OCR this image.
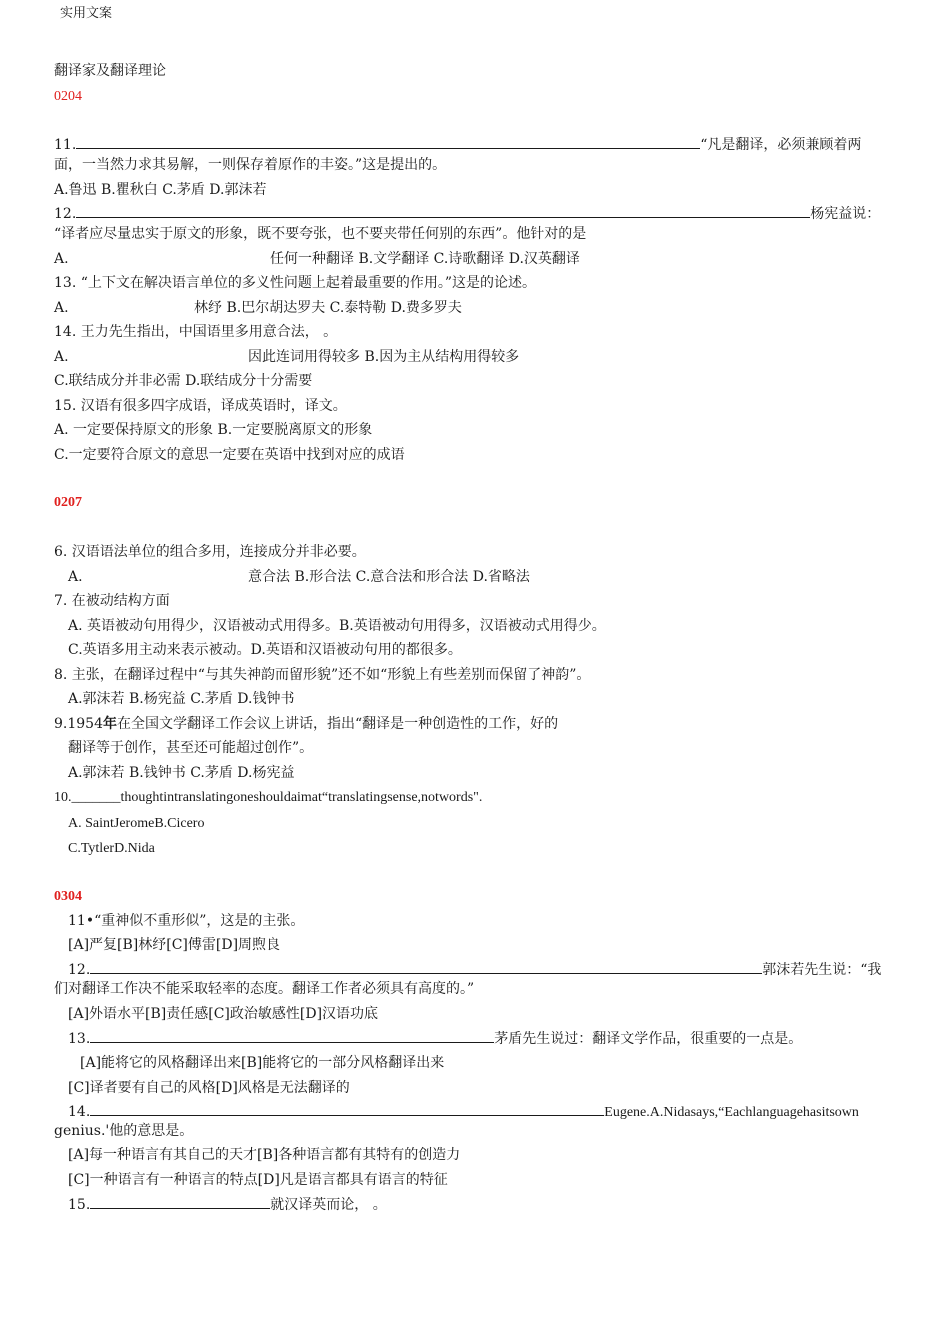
实用文案
翻译家及翻译理论
0204
11.	“凡是翻译，必须兼顾着两
面，一当然力求其易解，一则保存着原作的丰姿。”这是提出的。
A.鲁迅 B.瞿秋白 C.茅盾 D.郭沫若
12.	杨宪益说：
“译者应尽量忠实于原文的形象，既不要夸张，也不要夹带任何别的东西”。他针对的是
A.	任何一种翻译 B.文学翻译 C.诗歌翻译 D.汉英翻译
13. “上下文在解决语言单位的多义性问题上起着最重要的作用。”这是的论述。
A.	林纾 B.巴尔胡达罗夫 C.泰特勒 D.费多罗夫
14. 王力先生指出，中国语里多用意合法， 。
A.	因此连词用得较多 B.因为主从结构用得较多
C.联结成分并非必需 D.联结成分十分需要
15. 汉语有很多四字成语，译成英语时，译文。
A. 一定要保持原文的形象 B.一定要脱离原文的形象
C.一定要符合原文的意思一定要在英语中找到对应的成语
0207
6. 汉语语法单位的组合多用，连接成分并非必要。
A.	意合法 B.形合法 C.意合法和形合法 D.省略法
7. 在被动结构方面
A. 英语被动句用得少，汉语被动式用得多。B.英语被动句用得多，汉语被动式用得少。
C.英语多用主动来表示被动。D.英语和汉语被动句用的都很多。
8. 主张，在翻译过程中“与其失神韵而留形貌”还不如“形貌上有些差别而保留了神韵”。
A.郭沫若 B.杨宪益 C.茅盾 D.钱钟书
9.1954年在全国文学翻译工作会议上讲话，指出“翻译是一种创造性的工作，好的
翻译等于创作，甚至还可能超过创作”。
A.郭沫若 B.钱钟书 C.茅盾 D.杨宪益
10._______thoughtintranslatingoneshouldaimat“translatingsense,notwords".
A. SaintJeromeB.Cicero
C.TytlerD.Nida
0304
11•“重神似不重形似”，这是的主张。
[A]严复[B]林纾[C]傅雷[D]周煦良
12.	郭沫若先生说：“我
们对翻译工作决不能采取轻率的态度。翻译工作者必须具有高度的。”
[A]外语水平[B]责任感[C]政治敏感性[D]汉语功底
13.	茅盾先生说过：翻译文学作品，很重要的一点是。
[A]能将它的风格翻译出来[B]能将它的一部分风格翻译出来
[C]译者要有自己的风格[D]风格是无法翻译的
14.	Eugene.A.Nidasays,“Eachlanguagehasitsown
genius.'他的意思是。
[A]每一种语言有其自己的天才[B]各种语言都有其特有的创造力
[C]一种语言有一种语言的特点[D]凡是语言都具有语言的特征
15.	就汉译英而论， 。
